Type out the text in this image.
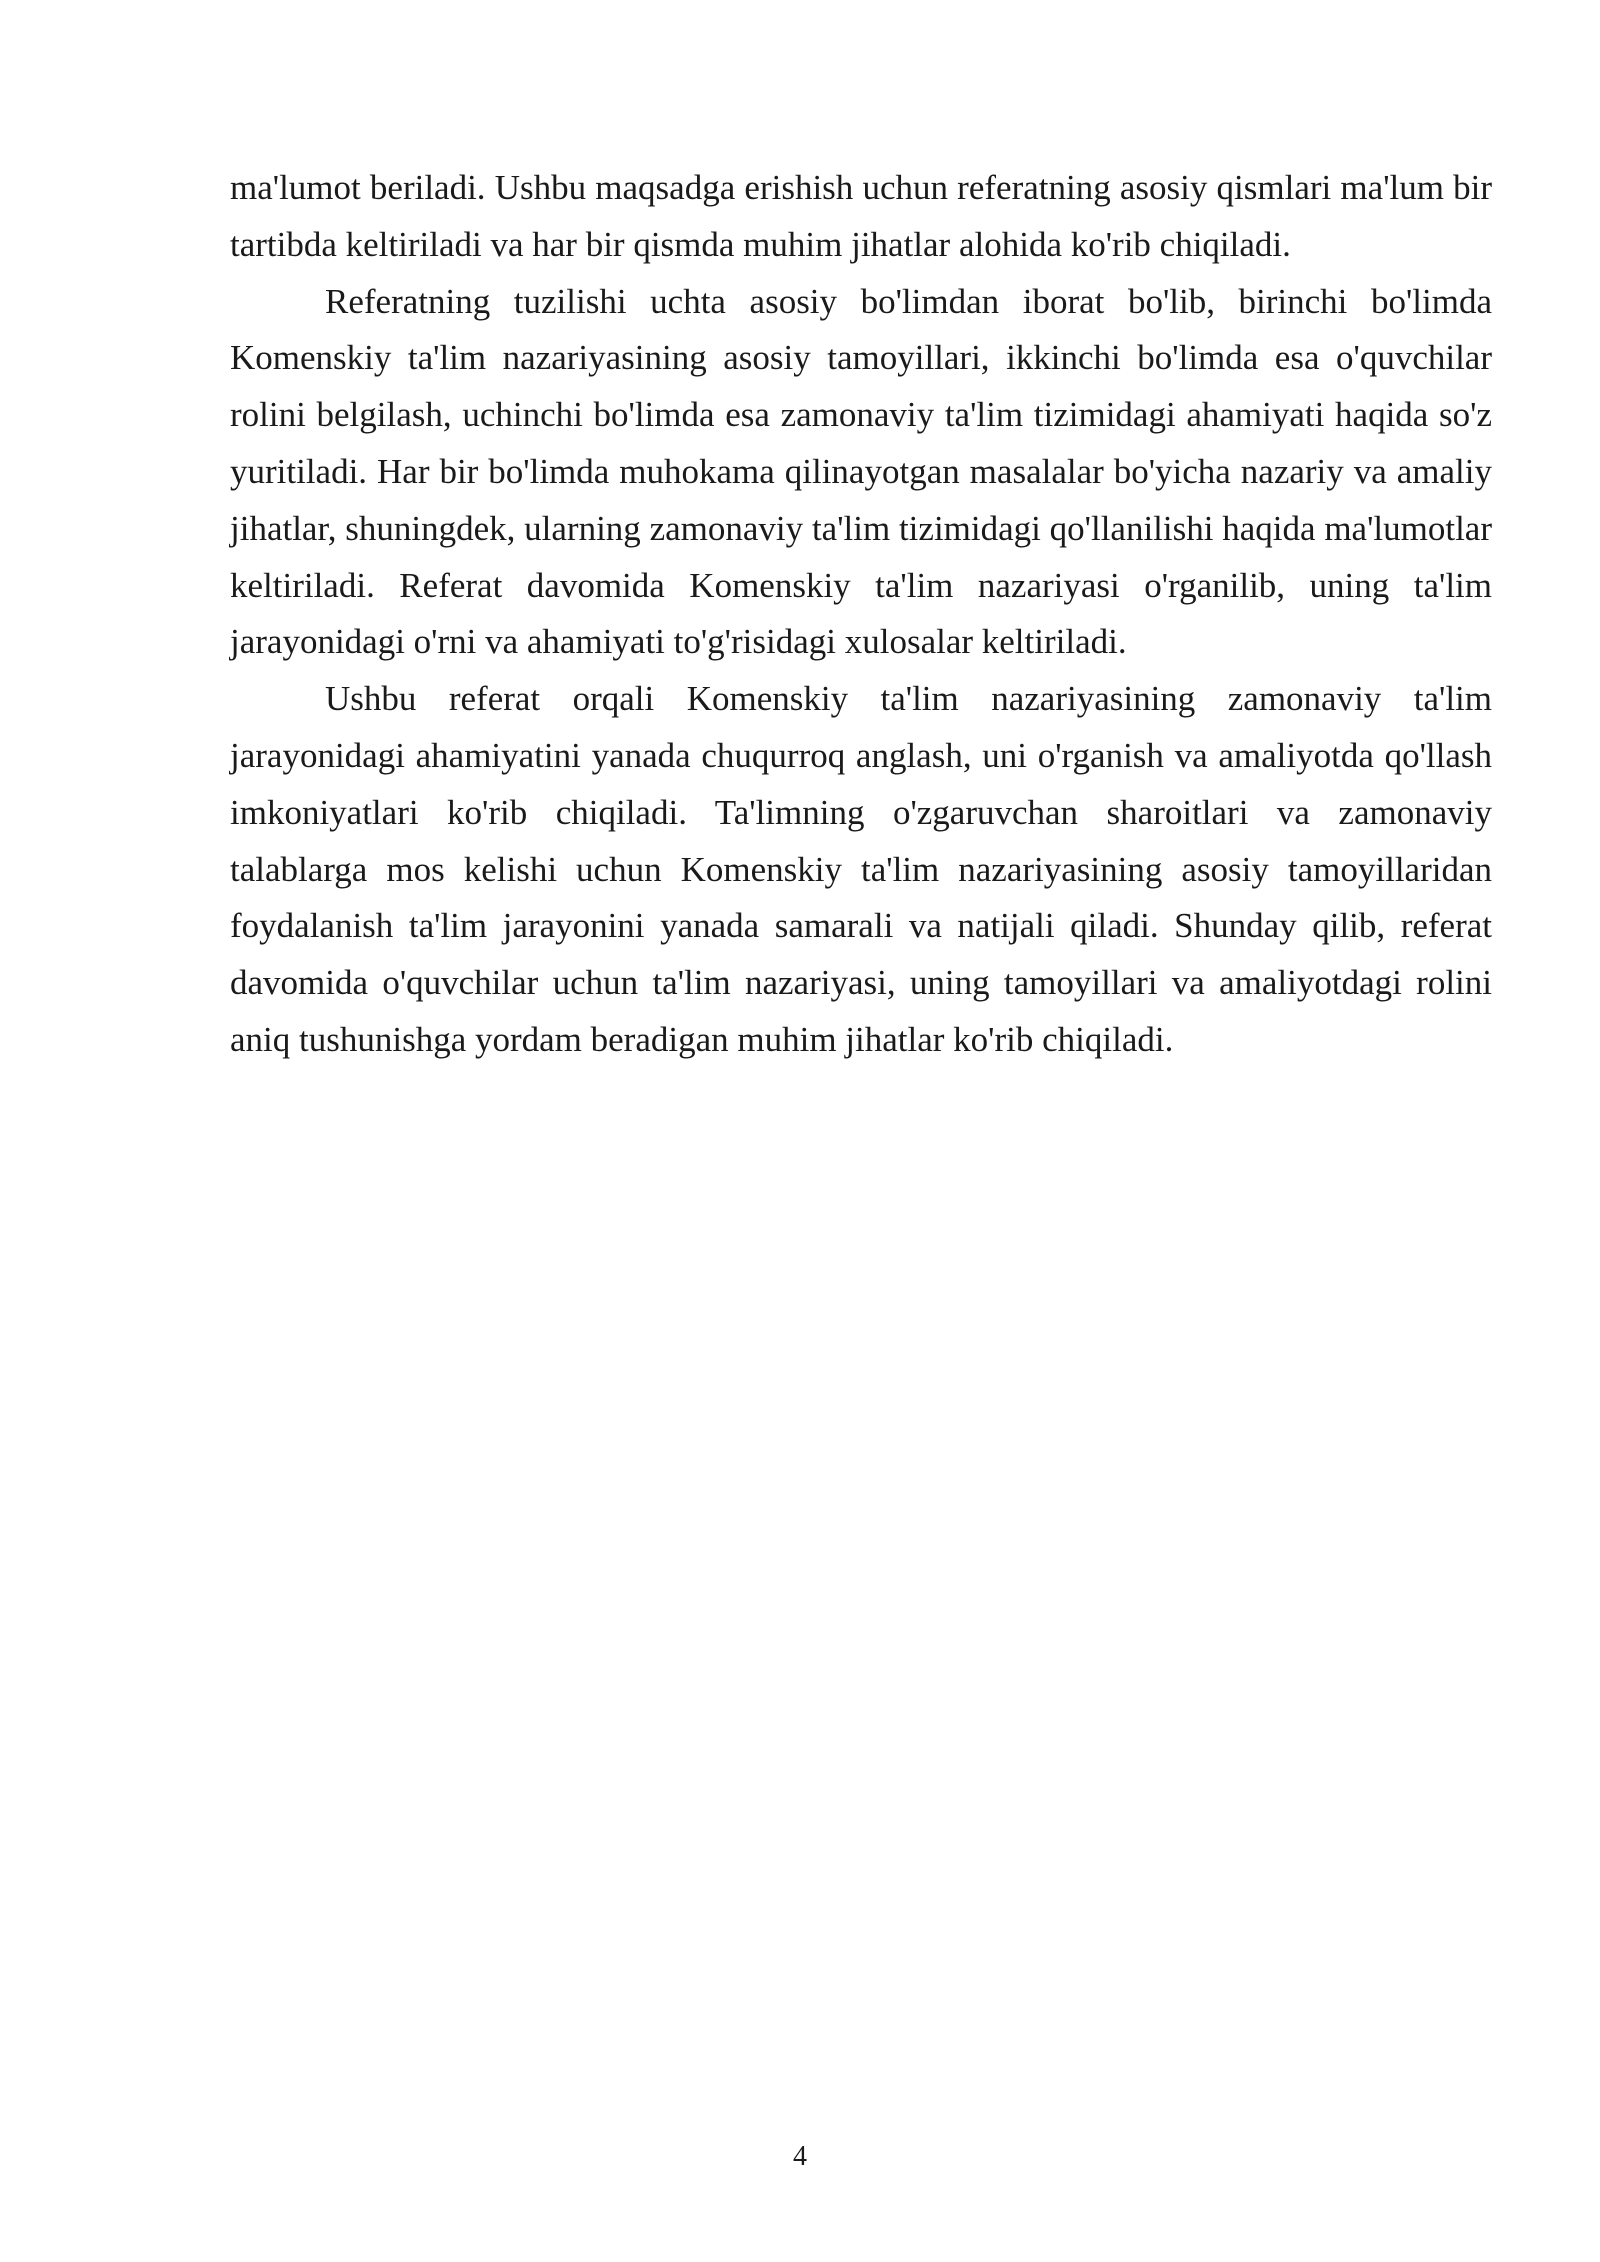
ma'lumot beriladi. Ushbu maqsadga erishish uchun referatning asosiy qismlari ma'lum bir tartibda keltiriladi va har bir qismda muhim jihatlar alohida ko'rib chiqiladi.

Referatning tuzilishi uchta asosiy bo'limdan iborat bo'lib, birinchi bo'limda Komenskiy ta'lim nazariyasining asosiy tamoyillari, ikkinchi bo'limda esa o'quvchilar rolini belgilash, uchinchi bo'limda esa zamonaviy ta'lim tizimidagi ahamiyati haqida so'z yuritiladi. Har bir bo'limda muhokama qilinayotgan masalalar bo'yicha nazariy va amaliy jihatlar, shuningdek, ularning zamonaviy ta'lim tizimidagi qo'llanilishi haqida ma'lumotlar keltiriladi. Referat davomida Komenskiy ta'lim nazariyasi o'rganilib, uning ta'lim jarayonidagi o'rni va ahamiyati to'g'risidagi xulosalar keltiriladi.

Ushbu referat orqali Komenskiy ta'lim nazariyasining zamonaviy ta'lim jarayonidagi ahamiyatini yanada chuqurroq anglash, uni o'rganish va amaliyotda qo'llash imkoniyatlari ko'rib chiqiladi. Ta'limning o'zgaruvchan sharoitlari va zamonaviy talablarga mos kelishi uchun Komenskiy ta'lim nazariyasining asosiy tamoyillaridan foydalanish ta'lim jarayonini yanada samarali va natijali qiladi. Shunday qilib, referat davomida o'quvchilar uchun ta'lim nazariyasi, uning tamoyillari va amaliyotdagi rolini aniq tushunishga yordam beradigan muhim jihatlar ko'rib chiqiladi.

4
